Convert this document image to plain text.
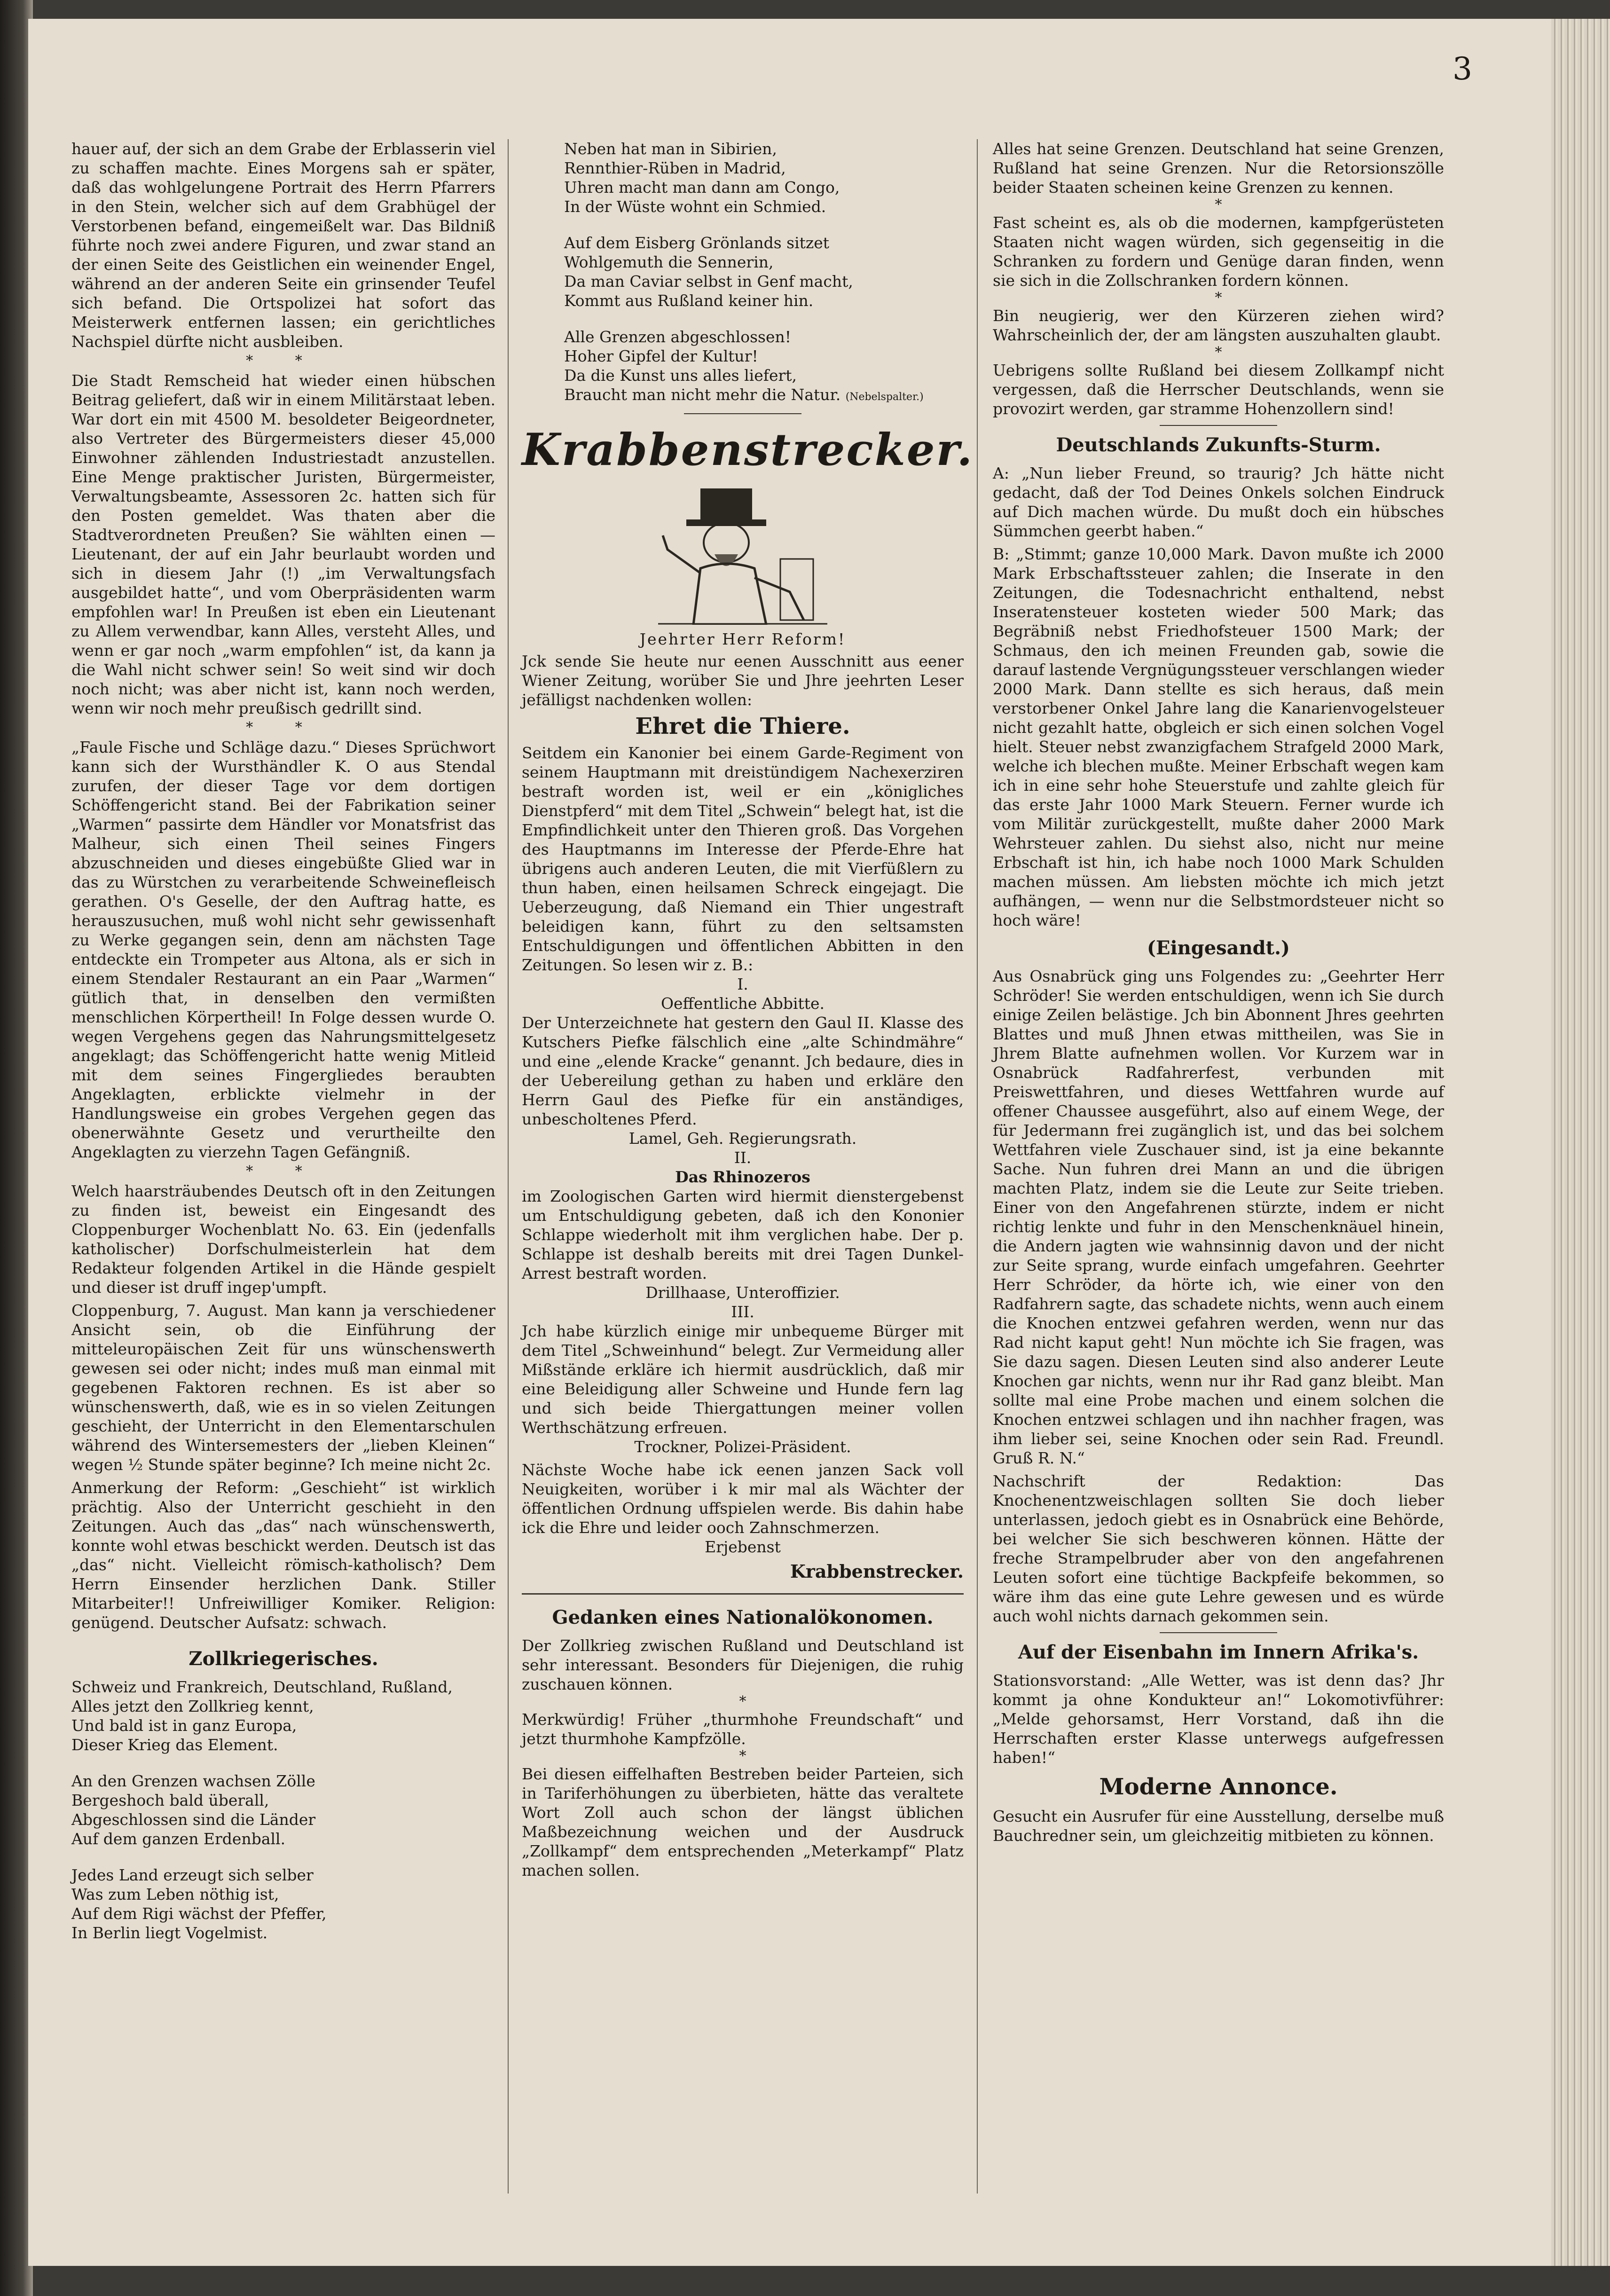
3

hauer auf, der sich an dem Grabe der Erblasserin viel zu schaffen machte. Eines Morgens sah er später, daß das wohlgelungene Portrait des Herrn Pfarrers in den Stein, welcher sich auf dem Grabhügel der Verstorbenen befand, eingemeißelt war. Das Bildniß führte noch zwei andere Figuren, und zwar stand an der einen Seite des Geistlichen ein weinender Engel, während an der anderen Seite ein grinsender Teufel sich befand. Die Ortspolizei hat sofort das Meisterwerk entfernen lassen; ein gerichtliches Nachspiel dürfte nicht ausbleiben.

* *

Die Stadt Remscheid hat wieder einen hübschen Beitrag geliefert, daß wir in einem Militärstaat leben. War dort ein mit 4500 M. besoldeter Beigeordneter, also Vertreter des Bürgermeisters dieser 45,000 Einwohner zählenden Industriestadt anzustellen. Eine Menge praktischer Juristen, Bürgermeister, Verwaltungsbeamte, Assessoren 2c. hatten sich für den Posten gemeldet. Was thaten aber die Stadtverordneten Preußen? Sie wählten einen — Lieutenant, der auf ein Jahr beurlaubt worden und sich in diesem Jahr (!) „im Verwaltungsfach ausgebildet hatte“, und vom Oberpräsidenten warm empfohlen war! In Preußen ist eben ein Lieutenant zu Allem verwendbar, kann Alles, versteht Alles, und wenn er gar noch „warm empfohlen“ ist, da kann ja die Wahl nicht schwer sein! So weit sind wir doch noch nicht; was aber nicht ist, kann noch werden, wenn wir noch mehr preußisch gedrillt sind.

* *

„Faule Fische und Schläge dazu.“ Dieses Sprüchwort kann sich der Wursthändler K. O aus Stendal zurufen, der dieser Tage vor dem dortigen Schöffengericht stand. Bei der Fabrikation seiner „Warmen“ passirte dem Händler vor Monatsfrist das Malheur, sich einen Theil seines Fingers abzuschneiden und dieses eingebüßte Glied war in das zu Würstchen zu verarbeitende Schweinefleisch gerathen. O's Geselle, der den Auftrag hatte, es herauszusuchen, muß wohl nicht sehr gewissenhaft zu Werke gegangen sein, denn am nächsten Tage entdeckte ein Trompeter aus Altona, als er sich in einem Stendaler Restaurant an ein Paar „Warmen“ gütlich that, in denselben den vermißten menschlichen Körpertheil! In Folge dessen wurde O. wegen Vergehens gegen das Nahrungsmittelgesetz angeklagt; das Schöffengericht hatte wenig Mitleid mit dem seines Fingergliedes beraubten Angeklagten, erblickte vielmehr in der Handlungsweise ein grobes Vergehen gegen das obenerwähnte Gesetz und verurtheilte den Angeklagten zu vierzehn Tagen Gefängniß.

* *

Welch haarsträubendes Deutsch oft in den Zeitungen zu finden ist, beweist ein Eingesandt des Cloppenburger Wochenblatt No. 63. Ein (jedenfalls katholischer) Dorfschulmeisterlein hat dem Redakteur folgenden Artikel in die Hände gespielt und dieser ist druff ingep'umpft.

Cloppenburg, 7. August. Man kann ja verschiedener Ansicht sein, ob die Einführung der mitteleuropäischen Zeit für uns wünschenswerth gewesen sei oder nicht; indes muß man einmal mit gegebenen Faktoren rechnen. Es ist aber so wünschenswerth, daß, wie es in so vielen Zeitungen geschieht, der Unterricht in den Elementarschulen während des Wintersemesters der „lieben Kleinen“ wegen ½ Stunde später beginne? Ich meine nicht 2c.

Anmerkung der Reform: „Geschieht“ ist wirklich prächtig. Also der Unterricht geschieht in den Zeitungen. Auch das „das“ nach wünschenswerth, konnte wohl etwas beschickt werden. Deutsch ist das „das“ nicht. Vielleicht römisch-katholisch? Dem Herrn Einsender herzlichen Dank. Stiller Mitarbeiter!! Unfreiwilliger Komiker. Religion: genügend. Deutscher Aufsatz: schwach.

Zollkriegerisches.
Schweiz und Frankreich, Deutschland, Rußland,
Alles jetzt den Zollkrieg kennt,
Und bald ist in ganz Europa,
Dieser Krieg das Element.
An den Grenzen wachsen Zölle
Bergeshoch bald überall,
Abgeschlossen sind die Länder
Auf dem ganzen Erdenball.
Jedes Land erzeugt sich selber
Was zum Leben nöthig ist,
Auf dem Rigi wächst der Pfeffer,
In Berlin liegt Vogelmist.
Neben hat man in Sibirien,
Rennthier-Rüben in Madrid,
Uhren macht man dann am Congo,
In der Wüste wohnt ein Schmied.
Auf dem Eisberg Grönlands sitzet
Wohlgemuth die Sennerin,
Da man Caviar selbst in Genf macht,
Kommt aus Rußland keiner hin.
Alle Grenzen abgeschlossen!
Hoher Gipfel der Kultur!
Da die Kunst uns alles liefert,
Braucht man nicht mehr die Natur. (Nebelspalter.)
Krabbenstrecker.
Jeehrter Herr Reform!

Jck sende Sie heute nur eenen Ausschnitt aus eener Wiener Zeitung, worüber Sie und Jhre jeehrten Leser jefälligst nachdenken wollen:

Ehret die Thiere.

Seitdem ein Kanonier bei einem Garde-Regiment von seinem Hauptmann mit dreistündigem Nachexerziren bestraft worden ist, weil er ein „königliches Dienstpferd“ mit dem Titel „Schwein“ belegt hat, ist die Empfindlichkeit unter den Thieren groß. Das Vorgehen des Hauptmanns im Interesse der Pferde-Ehre hat übrigens auch anderen Leuten, die mit Vierfüßlern zu thun haben, einen heilsamen Schreck eingejagt. Die Ueberzeugung, daß Niemand ein Thier ungestraft beleidigen kann, führt zu den seltsamsten Entschuldigungen und öffentlichen Abbitten in den Zeitungen. So lesen wir z. B.:

I.
Oeffentliche Abbitte.

Der Unterzeichnete hat gestern den Gaul II. Klasse des Kutschers Piefke fälschlich eine „alte Schindmähre“ und eine „elende Kracke“ genannt. Jch bedaure, dies in der Uebereilung gethan zu haben und erkläre den Herrn Gaul des Piefke für ein anständiges, unbescholtenes Pferd.

Lamel, Geh. Regierungsrath.
II.
Das Rhinozeros

im Zoologischen Garten wird hiermit dienstergebenst um Entschuldigung gebeten, daß ich den Kononier Schlappe wiederholt mit ihm verglichen habe. Der p. Schlappe ist deshalb bereits mit drei Tagen Dunkel-Arrest bestraft worden.

Drillhaase, Unteroffizier.
III.

Jch habe kürzlich einige mir unbequeme Bürger mit dem Titel „Schweinhund“ belegt. Zur Vermeidung aller Mißstände erkläre ich hiermit ausdrücklich, daß mir eine Beleidigung aller Schweine und Hunde fern lag und sich beide Thiergattungen meiner vollen Werthschätzung erfreuen.

Trockner, Polizei-Präsident.

Nächste Woche habe ick eenen janzen Sack voll Neuigkeiten, worüber i k mir mal als Wächter der öffentlichen Ordnung uffspielen werde. Bis dahin habe ick die Ehre und leider ooch Zahnschmerzen.

Erjebenst
Krabbenstrecker.
Gedanken eines Nationalökonomen.

Der Zollkrieg zwischen Rußland und Deutschland ist sehr interessant. Besonders für Diejenigen, die ruhig zuschauen können.

*

Merkwürdig! Früher „thurmhohe Freundschaft“ und jetzt thurmhohe Kampfzölle.

*

Bei diesen eiffelhaften Bestreben beider Parteien, sich in Tariferhöhungen zu überbieten, hätte das veraltete Wort Zoll auch schon der längst üblichen Maßbezeichnung weichen und der Ausdruck „Zollkampf“ dem entsprechenden „Meterkampf“ Platz machen sollen.

Alles hat seine Grenzen. Deutschland hat seine Grenzen, Rußland hat seine Grenzen. Nur die Retorsionszölle beider Staaten scheinen keine Grenzen zu kennen.

*

Fast scheint es, als ob die modernen, kampfgerüsteten Staaten nicht wagen würden, sich gegenseitig in die Schranken zu fordern und Genüge daran finden, wenn sie sich in die Zollschranken fordern können.

*

Bin neugierig, wer den Kürzeren ziehen wird? Wahrscheinlich der, der am längsten auszuhalten glaubt.

*

Uebrigens sollte Rußland bei diesem Zollkampf nicht vergessen, daß die Herrscher Deutschlands, wenn sie provozirt werden, gar stramme Hohenzollern sind!

Deutschlands Zukunfts-Sturm.

A: „Nun lieber Freund, so traurig? Jch hätte nicht gedacht, daß der Tod Deines Onkels solchen Eindruck auf Dich machen würde. Du mußt doch ein hübsches Sümmchen geerbt haben.“

B: „Stimmt; ganze 10,000 Mark. Davon mußte ich 2000 Mark Erbschaftssteuer zahlen; die Inserate in den Zeitungen, die Todesnachricht enthaltend, nebst Inseratensteuer kosteten wieder 500 Mark; das Begräbniß nebst Friedhofsteuer 1500 Mark; der Schmaus, den ich meinen Freunden gab, sowie die darauf lastende Vergnügungssteuer verschlangen wieder 2000 Mark. Dann stellte es sich heraus, daß mein verstorbener Onkel Jahre lang die Kanarienvogelsteuer nicht gezahlt hatte, obgleich er sich einen solchen Vogel hielt. Steuer nebst zwanzigfachem Strafgeld 2000 Mark, welche ich blechen mußte. Meiner Erbschaft wegen kam ich in eine sehr hohe Steuerstufe und zahlte gleich für das erste Jahr 1000 Mark Steuern. Ferner wurde ich vom Militär zurückgestellt, mußte daher 2000 Mark Wehrsteuer zahlen. Du siehst also, nicht nur meine Erbschaft ist hin, ich habe noch 1000 Mark Schulden machen müssen. Am liebsten möchte ich mich jetzt aufhängen, — wenn nur die Selbstmordsteuer nicht so hoch wäre!

(Eingesandt.)

Aus Osnabrück ging uns Folgendes zu: „Geehrter Herr Schröder! Sie werden entschuldigen, wenn ich Sie durch einige Zeilen belästige. Jch bin Abonnent Jhres geehrten Blattes und muß Jhnen etwas mittheilen, was Sie in Jhrem Blatte aufnehmen wollen. Vor Kurzem war in Osnabrück Radfahrerfest, verbunden mit Preiswettfahren, und dieses Wettfahren wurde auf offener Chaussee ausgeführt, also auf einem Wege, der für Jedermann frei zugänglich ist, und das bei solchem Wettfahren viele Zuschauer sind, ist ja eine bekannte Sache. Nun fuhren drei Mann an und die übrigen machten Platz, indem sie die Leute zur Seite trieben. Einer von den Angefahrenen stürzte, indem er nicht richtig lenkte und fuhr in den Menschenknäuel hinein, die Andern jagten wie wahnsinnig davon und der nicht zur Seite sprang, wurde einfach umgefahren. Geehrter Herr Schröder, da hörte ich, wie einer von den Radfahrern sagte, das schadete nichts, wenn auch einem die Knochen entzwei gefahren werden, wenn nur das Rad nicht kaput geht! Nun möchte ich Sie fragen, was Sie dazu sagen. Diesen Leuten sind also anderer Leute Knochen gar nichts, wenn nur ihr Rad ganz bleibt. Man sollte mal eine Probe machen und einem solchen die Knochen entzwei schlagen und ihn nachher fragen, was ihm lieber sei, seine Knochen oder sein Rad. Freundl. Gruß R. N.“

Nachschrift der Redaktion: Das Knochenentzweischlagen sollten Sie doch lieber unterlassen, jedoch giebt es in Osnabrück eine Behörde, bei welcher Sie sich beschweren können. Hätte der freche Strampelbruder aber von den angefahrenen Leuten sofort eine tüchtige Backpfeife bekommen, so wäre ihm das eine gute Lehre gewesen und es würde auch wohl nichts darnach gekommen sein.

Auf der Eisenbahn im Innern Afrika's.

Stationsvorstand: „Alle Wetter, was ist denn das? Jhr kommt ja ohne Kondukteur an!“ Lokomotivführer: „Melde gehorsamst, Herr Vorstand, daß ihn die Herrschaften erster Klasse unterwegs aufgefressen haben!“

Moderne Annonce.

Gesucht ein Ausrufer für eine Ausstellung, derselbe muß Bauchredner sein, um gleichzeitig mitbieten zu können.
